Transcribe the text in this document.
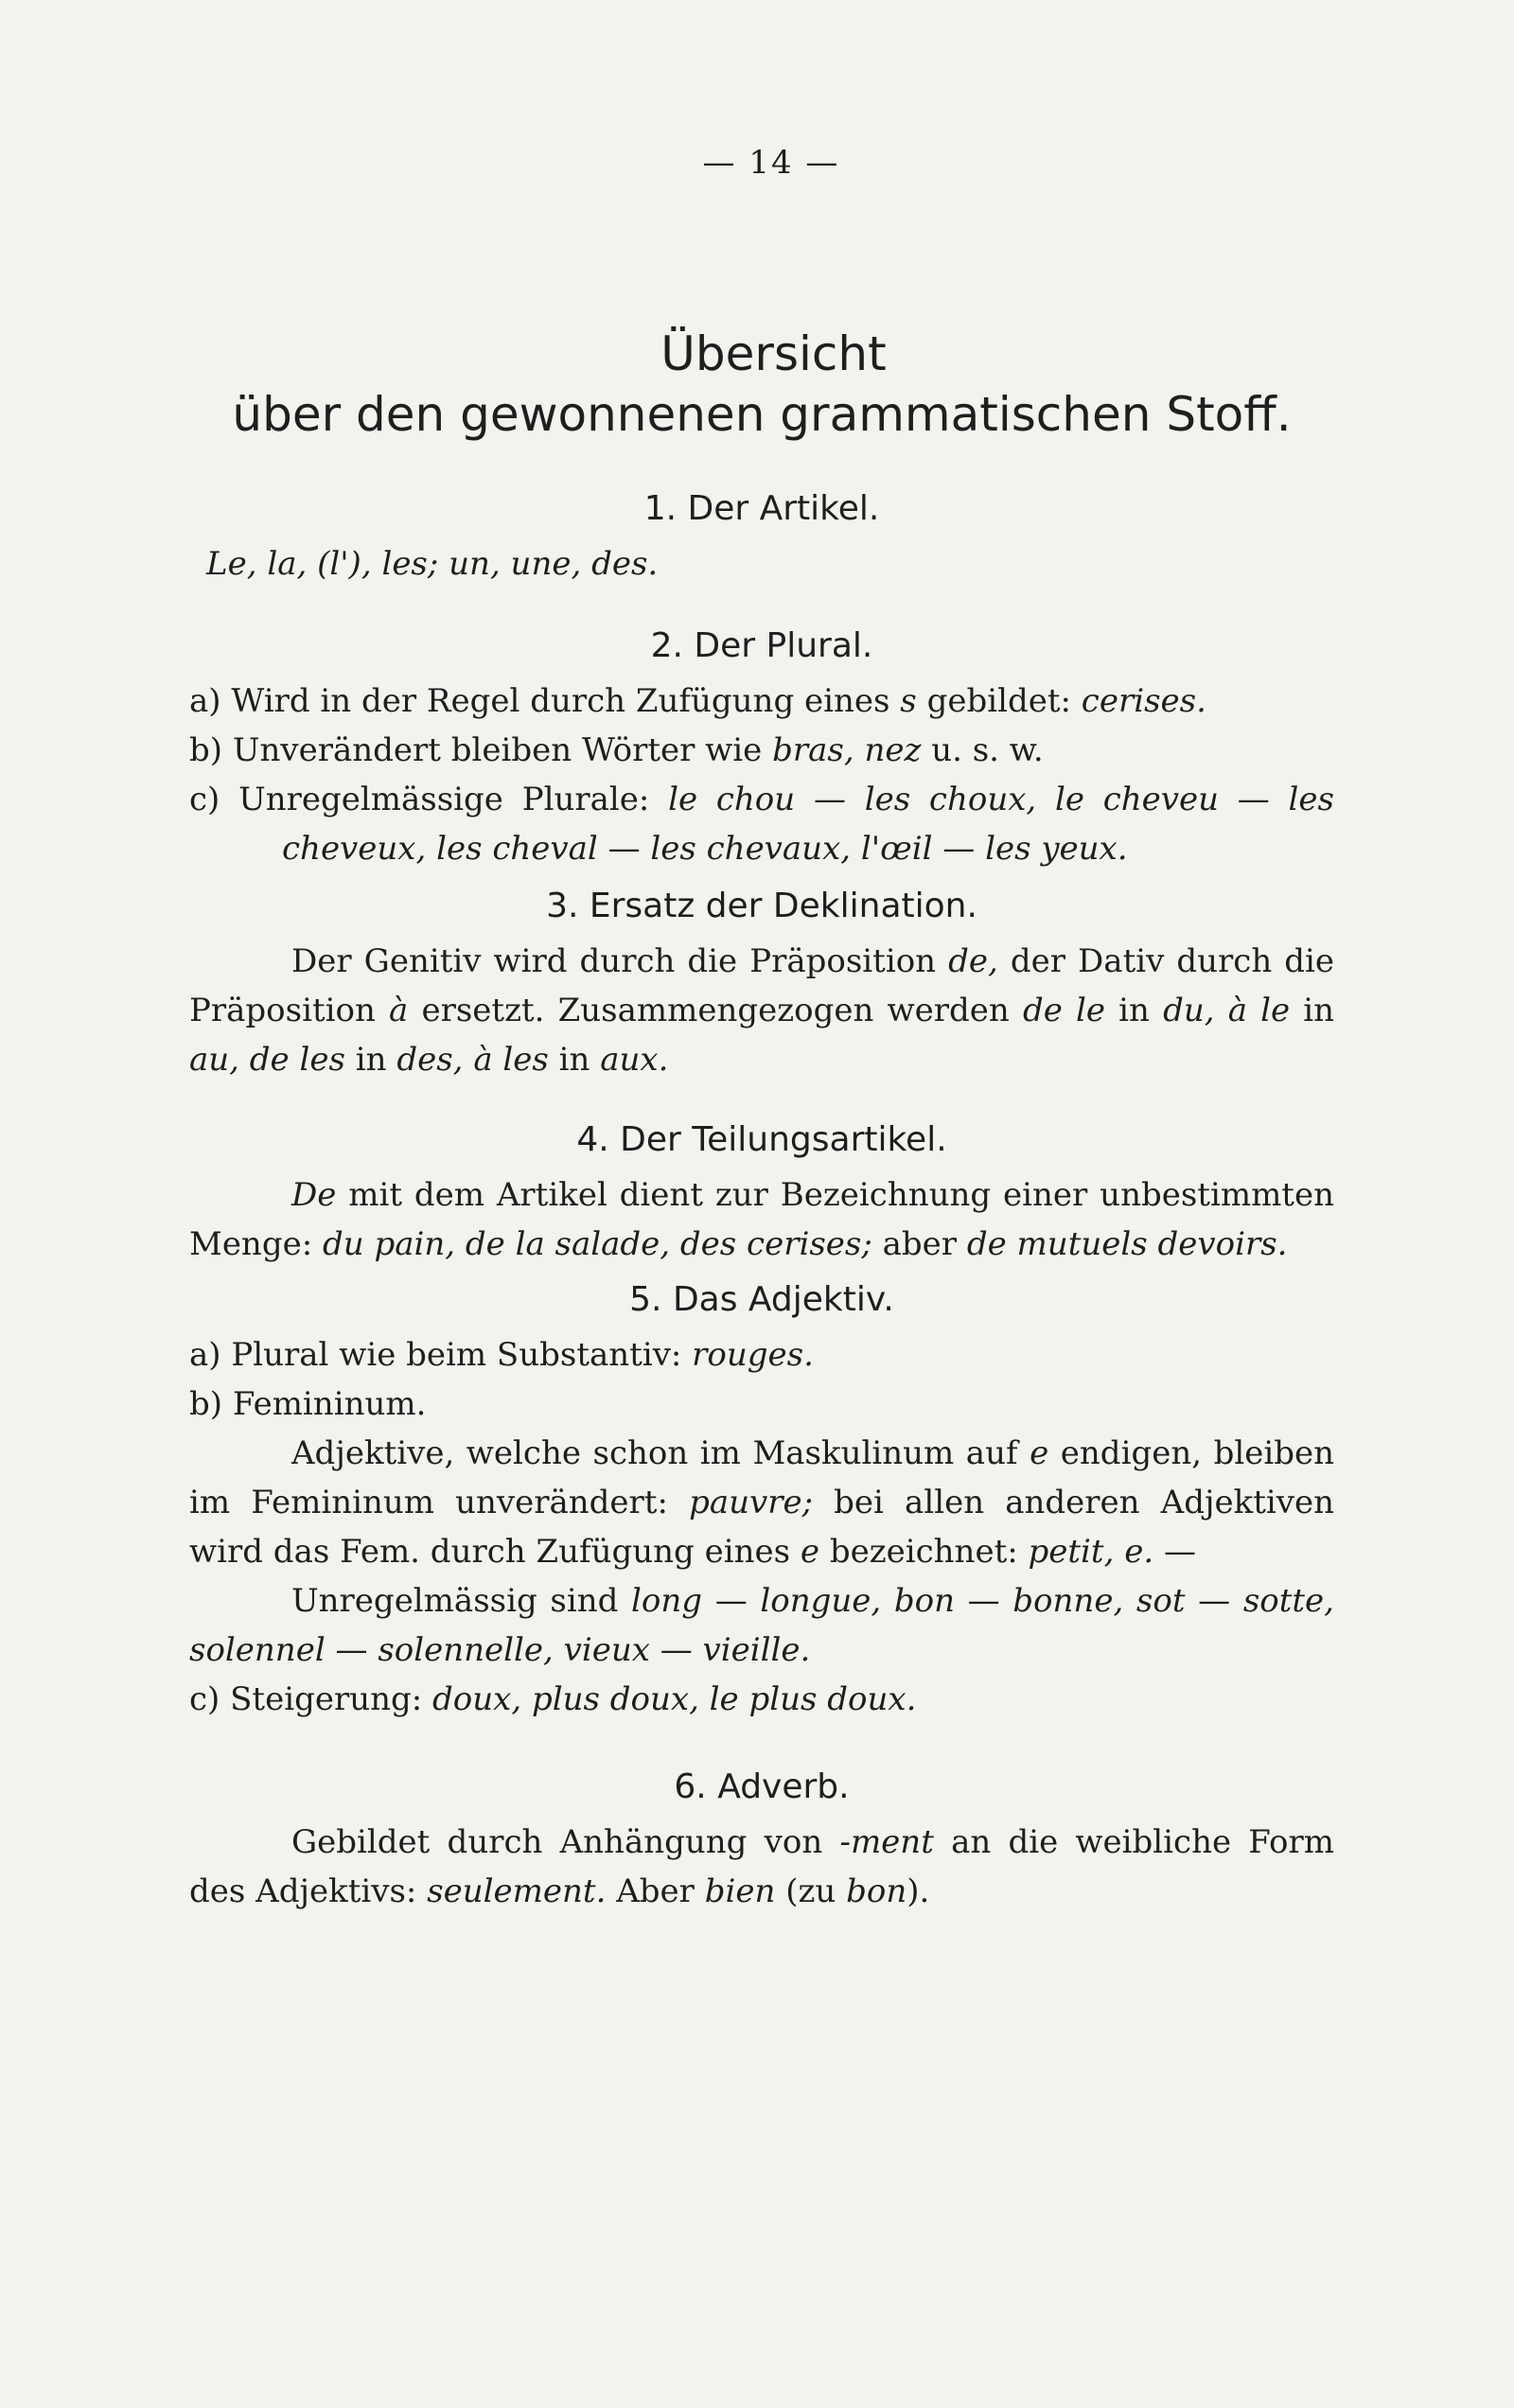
— 14 —
Übersicht
über den gewonnenen grammatischen Stoff.
1. Der Artikel.

Le, la, (l'), les; un, une, des.

2. Der Plural.

a) Wird in der Regel durch Zufügung eines s gebildet: cerises.

b) Unverändert bleiben Wörter wie bras, nez u. s. w.

c) Unregelmässige Plurale: le chou — les choux, le cheveu — les cheveux, les cheval — les chevaux, l'œil — les yeux.

3. Ersatz der Deklination.

Der Genitiv wird durch die Präposition de, der Dativ durch die Präposition à ersetzt. Zusammengezogen werden de le in du, à le in au, de les in des, à les in aux.

4. Der Teilungsartikel.

De mit dem Artikel dient zur Bezeichnung einer unbestimmten Menge: du pain, de la salade, des cerises; aber de mutuels devoirs.

5. Das Adjektiv.

a) Plural wie beim Substantiv: rouges.

b) Femininum.

Adjektive, welche schon im Maskulinum auf e endigen, bleiben im Femininum unverändert: pauvre; bei allen anderen Adjektiven wird das Fem. durch Zufügung eines e bezeichnet: petit, e. —

Unregelmässig sind long — longue, bon — bonne, sot — sotte, solennel — solennelle, vieux — vieille.

c) Steigerung: doux, plus doux, le plus doux.

6. Adverb.

Gebildet durch Anhängung von -ment an die weibliche Form des Adjektivs: seulement. Aber bien (zu bon).
